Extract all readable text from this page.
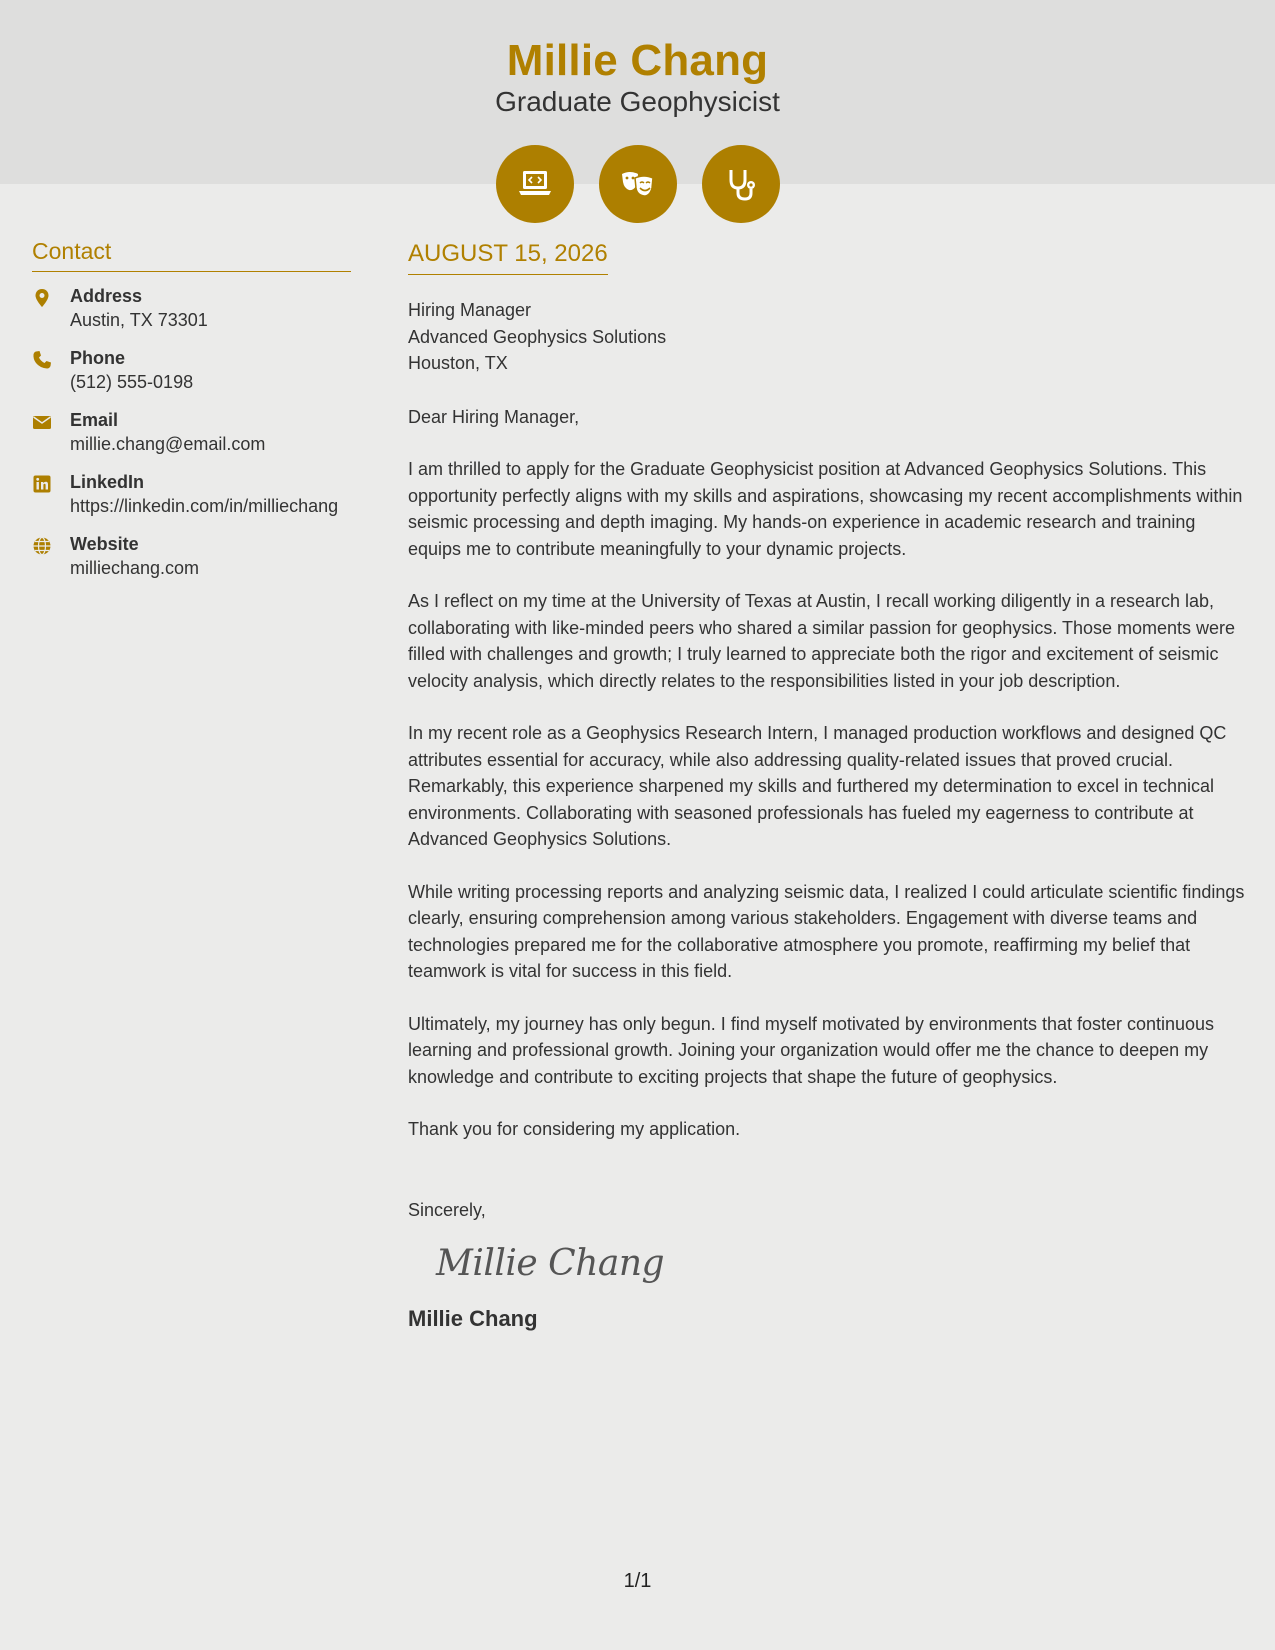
Millie Chang
Graduate Geophysicist
Contact
Address
Austin, TX 73301
Phone
(512) 555-0198
Email
millie.chang@email.com
LinkedIn
https://linkedin.com/in/milliechang
Website
milliechang.com
AUGUST 15, 2026
Hiring Manager
Advanced Geophysics Solutions
Houston, TX
Dear Hiring Manager,

I am thrilled to apply for the Graduate Geophysicist position at Advanced Geophysics Solutions. This opportunity perfectly aligns with my skills and aspirations, showcasing my recent accomplishments within seismic processing and depth imaging. My hands-on experience in academic research and training equips me to contribute meaningfully to your dynamic projects.

As I reflect on my time at the University of Texas at Austin, I recall working diligently in a research lab, collaborating with like-minded peers who shared a similar passion for geophysics. Those moments were filled with challenges and growth; I truly learned to appreciate both the rigor and excitement of seismic velocity analysis, which directly relates to the responsibilities listed in your job description.

In my recent role as a Geophysics Research Intern, I managed production workflows and designed QC attributes essential for accuracy, while also addressing quality-related issues that proved crucial. Remarkably, this experience sharpened my skills and furthered my determination to excel in technical environments. Collaborating with seasoned professionals has fueled my eagerness to contribute at Advanced Geophysics Solutions.

While writing processing reports and analyzing seismic data, I realized I could articulate scientific findings clearly, ensuring comprehension among various stakeholders. Engagement with diverse teams and technologies prepared me for the collaborative atmosphere you promote, reaffirming my belief that teamwork is vital for success in this field.

Ultimately, my journey has only begun. I find myself motivated by environments that foster continuous learning and professional growth. Joining your organization would offer me the chance to deepen my knowledge and contribute to exciting projects that shape the future of geophysics.

Thank you for considering my application.

Sincerely,
Millie Chang
Millie Chang
1/1
